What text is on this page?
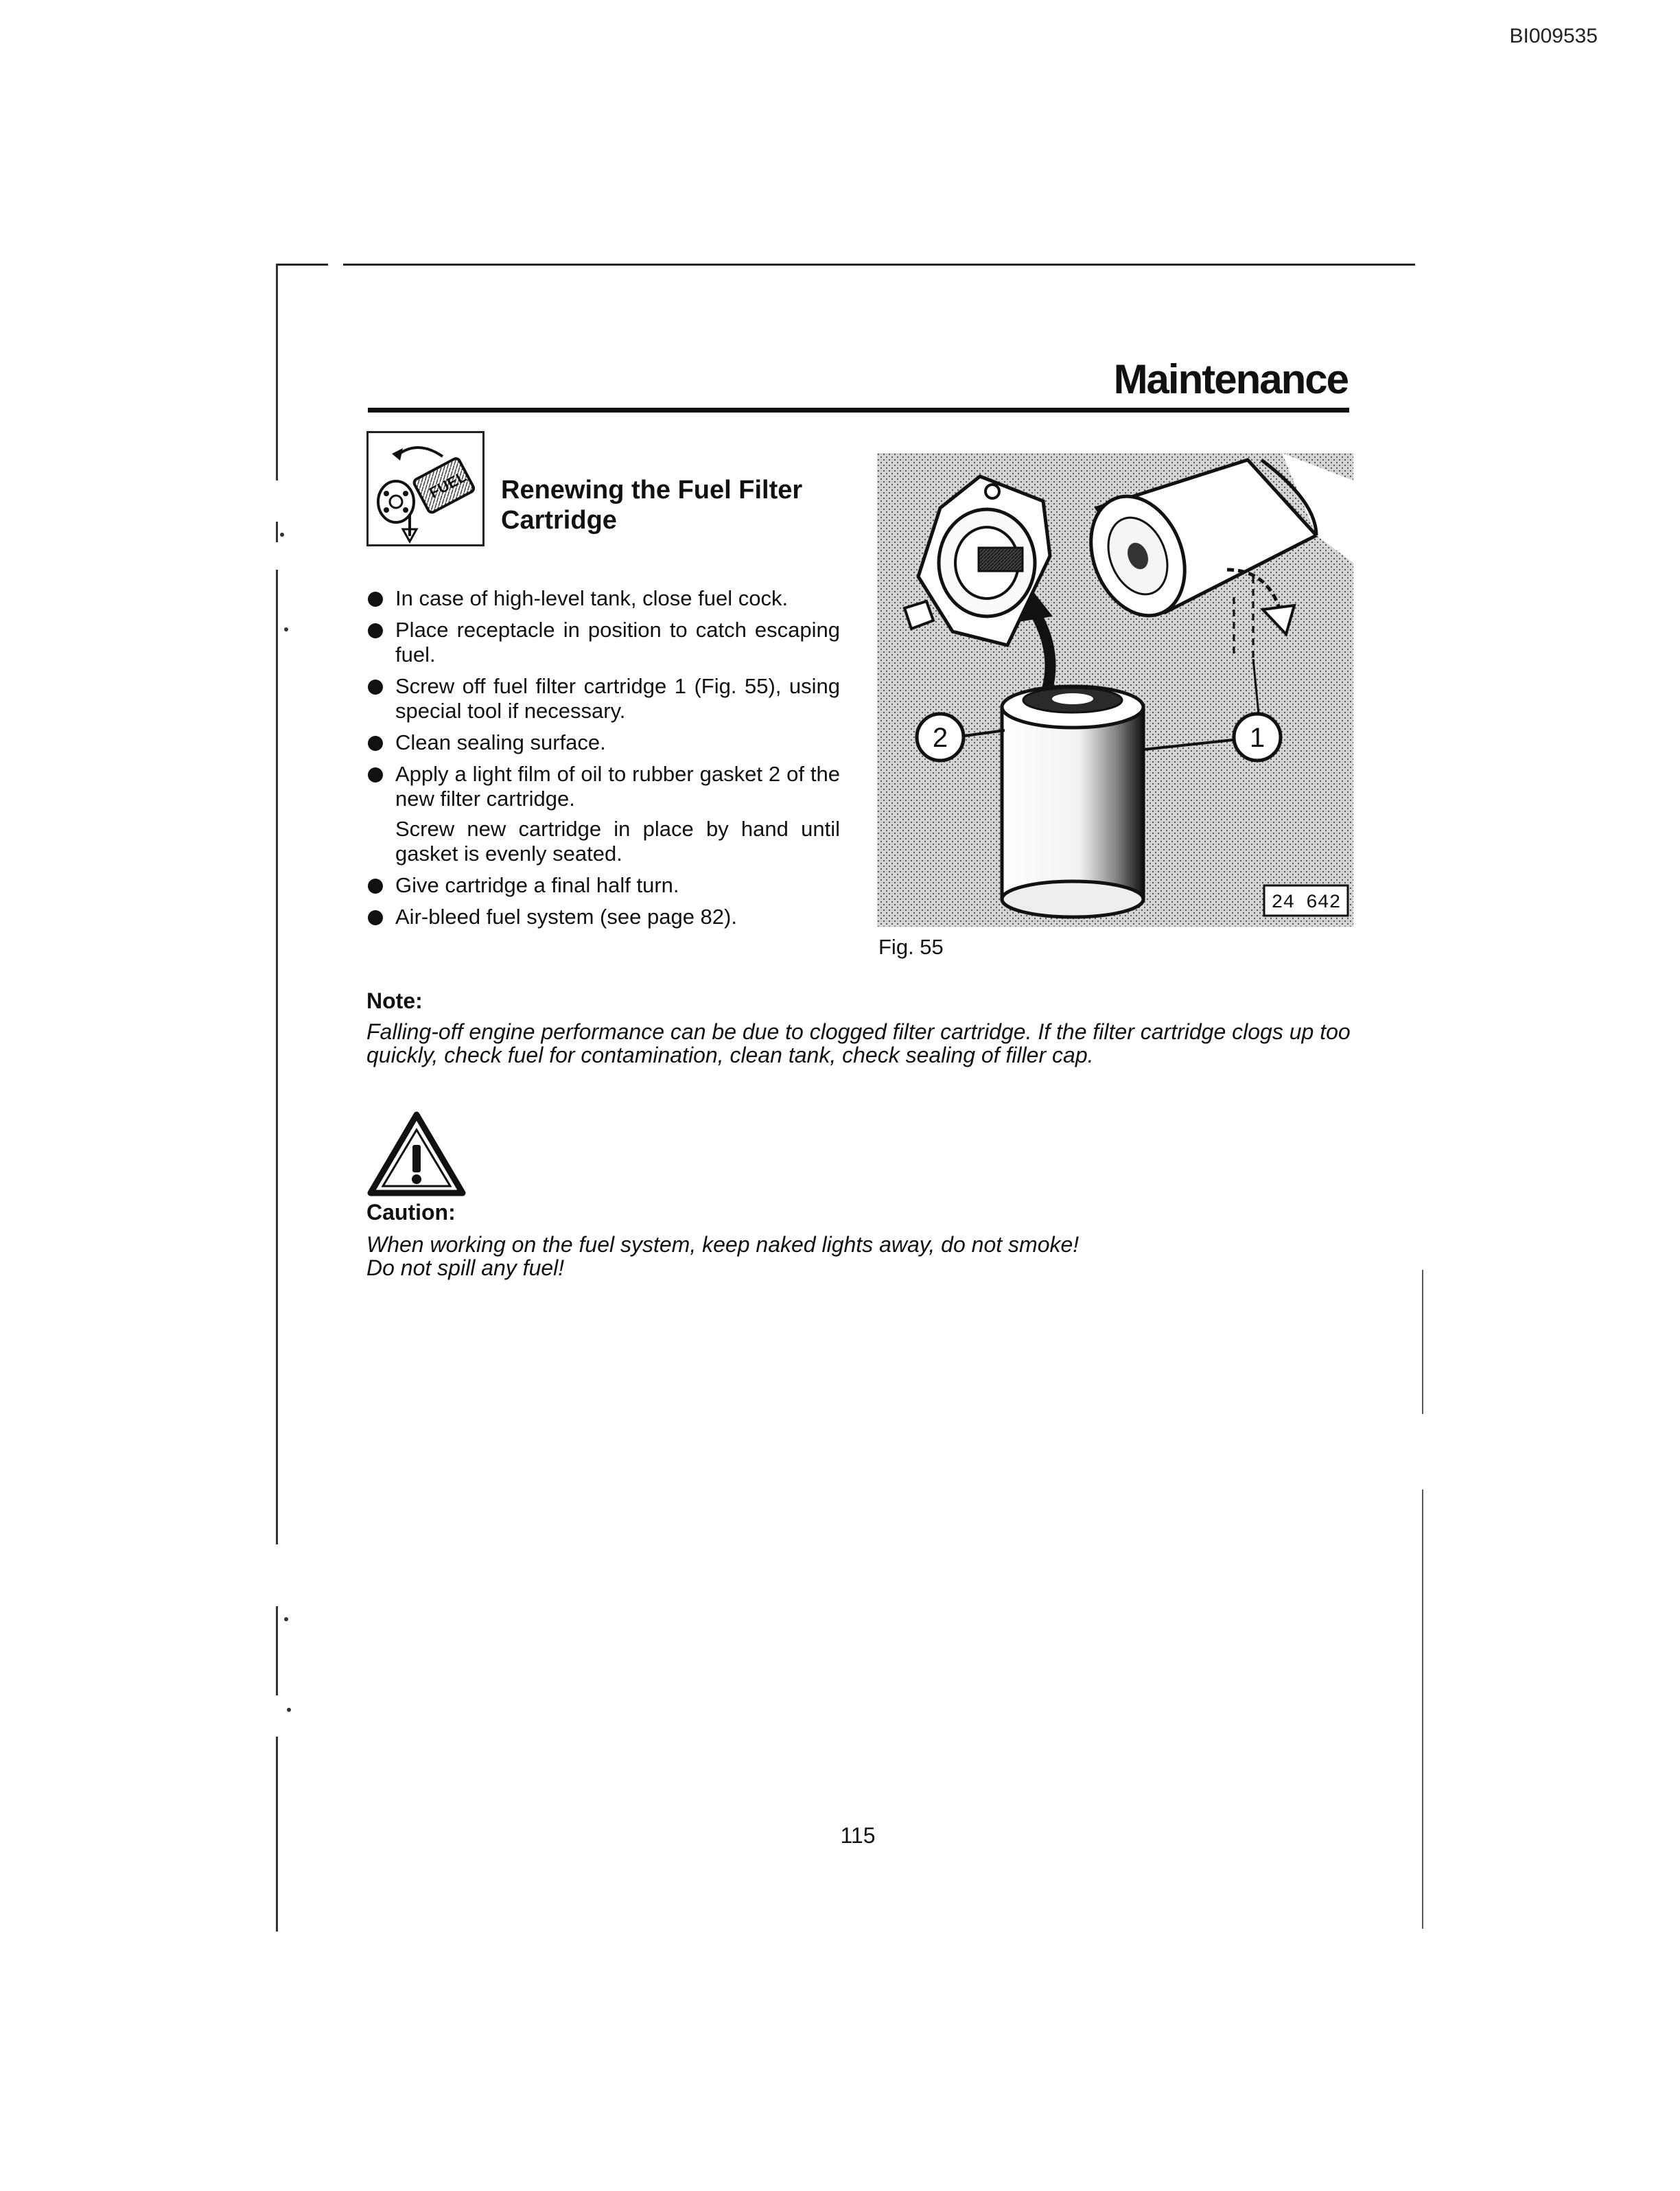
BI009535
Maintenance
FUEL Renewing the Fuel Filter Cartridge
In case of high-level tank, close fuel cock.
Place receptacle in position to catch escaping fuel.
Screw off fuel filter cartridge 1 (Fig. 55), using special tool if necessary.
Clean sealing surface.
Apply a light film of oil to rubber gasket 2 of the new filter cartridge.
Screw new cartridge in place by hand until gasket is evenly seated.
Give cartridge a final half turn.
Air-bleed fuel system (see page 82).
2	1
24 642
Fig. 55
Note:
Falling-off engine performance can be due to clogged filter cartridge. If the filter cartridge clogs up too quickly, check fuel for contamination, clean tank, check sealing of filler cap.
Caution:
When working on the fuel system, keep naked lights away, do not smoke!
Do not spill any fuel!
115
